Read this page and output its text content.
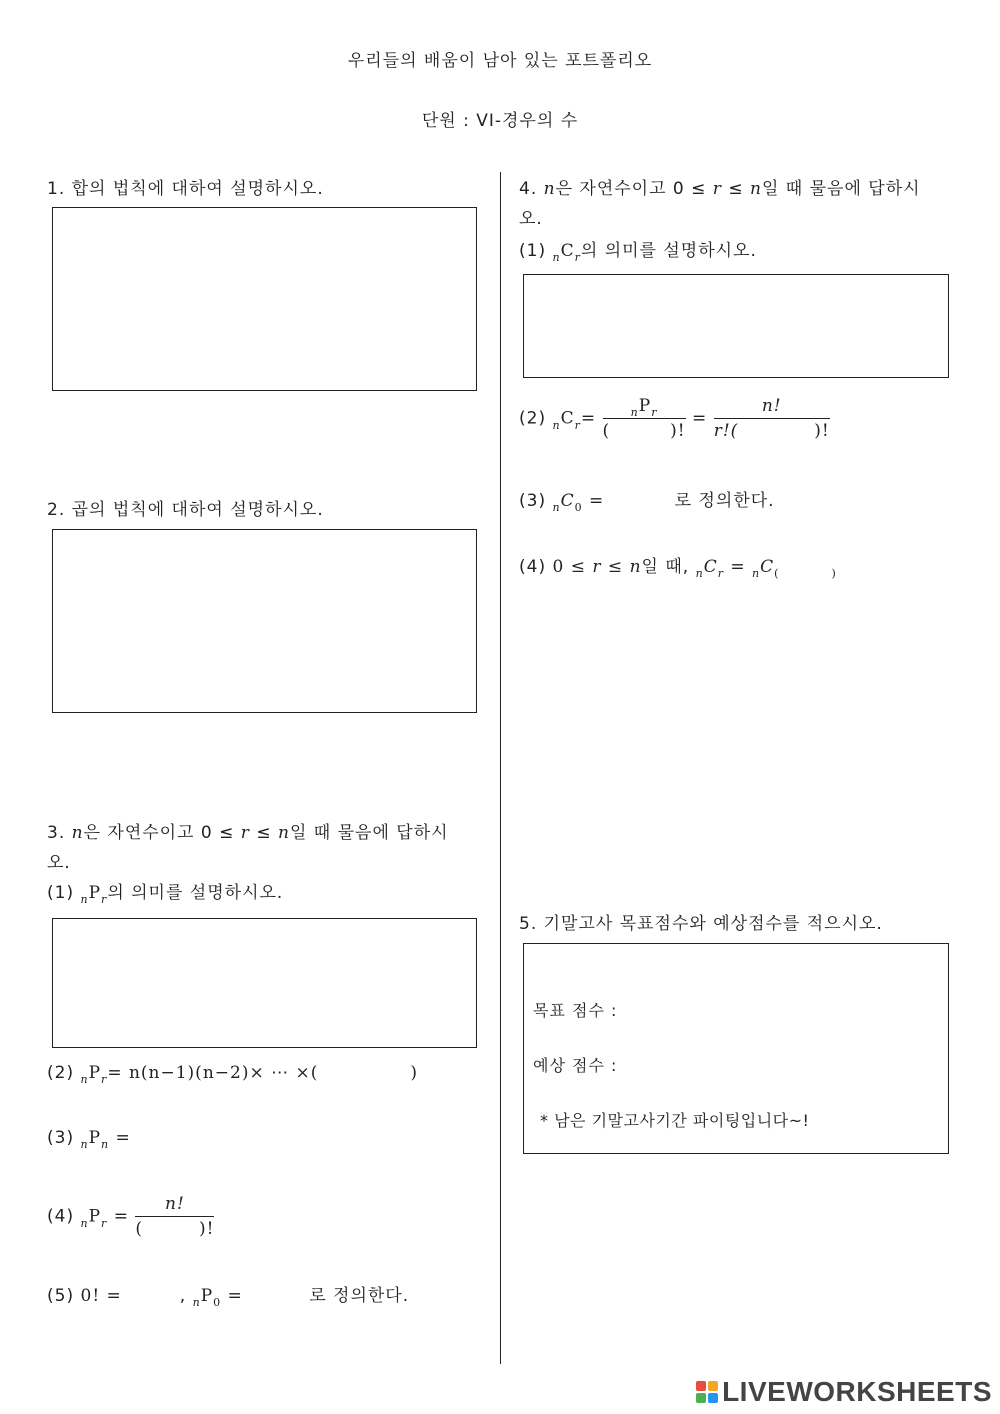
우리들의 배움이 남아 있는 포트폴리오
단원 : VI-경우의 수
1. 합의 법칙에 대하여 설명하시오.
2. 곱의 법칙에 대하여 설명하시오.
3. n은 자연수이고 0 ≤ r ≤ n일 때 물음에 답하시
오.
(1) $_nP_r$의 의미를 설명하시오.
(2) $_nP_r= n(n-1)(n-2)\times$ ⋯ ×(	)
(3) $_nP_n$ =
(4) $_nP_r = n$!
(	)!
(5) 0! =	, $_nP_0$ =	로 정의한다.
4. n은 자연수이고 0 ≤ r ≤ n일 때 물음에 답하시
오.
(1) $_nC_r$의 의미를 설명하시오.
(2) $_nC_r= _nP_r$
(	)! = n!
r!(	)!
(3) $_nC_0$ =	로 정의한다.
(4) 0 ≤ r ≤ n일 때, $_nC_r = _nC_($	$_)$
5. 기말고사 목표점수와 예상점수를 적으시오.
목표 점수 :
예상 점수 :
* 남은 기말고사기간 파이팅입니다~!
LIVEWORKSHEETS
